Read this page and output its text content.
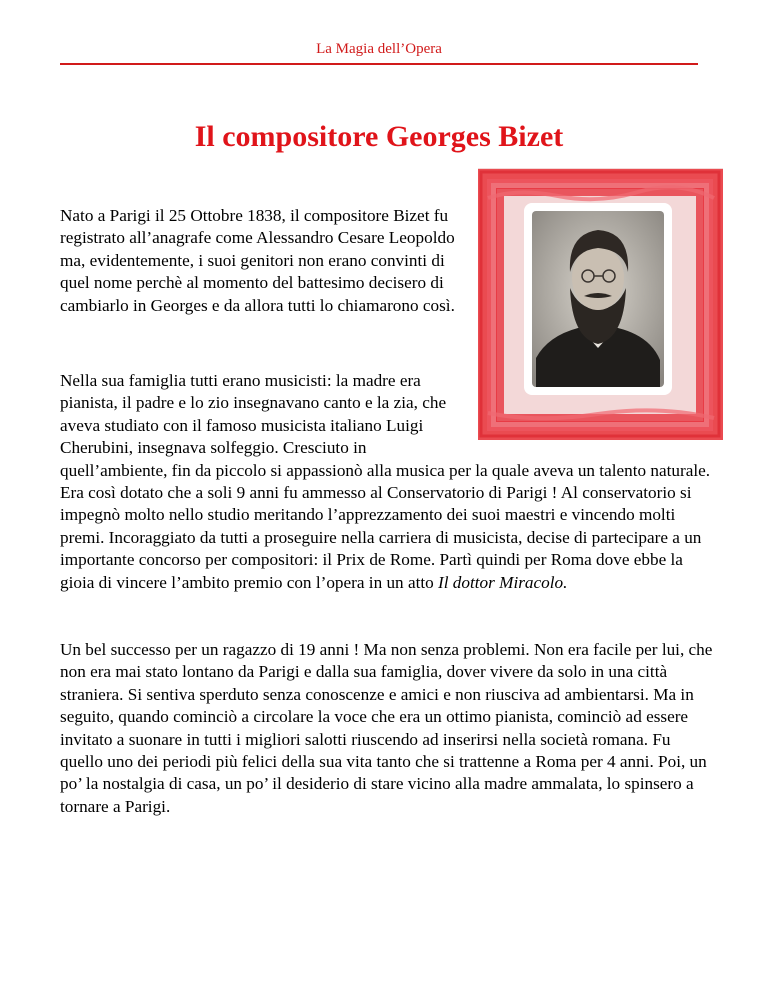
La Magia dell’Opera
Il compositore Georges Bizet

Nato a Parigi il 25 Ottobre 1838, il compositore Bizet fu registrato all’anagrafe come Alessandro Cesare Leopoldo ma, evidentemente, i suoi genitori non erano convinti di quel nome perchè al momento del battesimo decisero di cambiarlo in Georges e da allora tutti lo chiamarono così.

Nella sua famiglia tutti erano musicisti: la madre era pianista, il padre e lo zio insegnavano canto e la zia, che aveva studiato con il famoso musicista italiano Luigi Cherubini, insegnava solfeggio. Cresciuto in quell’ambiente, fin da piccolo si appassionò alla musica per la quale aveva un talento naturale. Era così dotato che a soli 9 anni fu ammesso al Conservatorio di Parigi ! Al conservatorio si impegnò molto nello studio meritando l’apprezzamento dei suoi maestri e vincendo molti premi. Incoraggiato da tutti a proseguire nella carriera di musicista, decise di partecipare a un importante concorso per compositori: il Prix de Rome. Partì quindi per Roma dove ebbe la gioia di vincere l’ambito premio con l’opera in un atto Il dottor Miracolo.

Un bel successo per un ragazzo di 19 anni ! Ma non senza problemi. Non era facile per lui, che non era mai stato lontano da Parigi e dalla sua famiglia, dover vivere da solo in una città straniera. Si sentiva sperduto senza conoscenze e amici e non riusciva ad ambientarsi. Ma in seguito, quando cominciò a circolare la voce che era un ottimo pianista, cominciò ad essere invitato a suonare in tutti i migliori salotti riuscendo ad inserirsi nella società romana. Fu quello uno dei periodi più felici della sua vita tanto che si trattenne a Roma per 4 anni. Poi, un po’ la nostalgia di casa, un po’ il desiderio di stare vicino alla madre ammalata, lo spinsero a tornare a Parigi.
